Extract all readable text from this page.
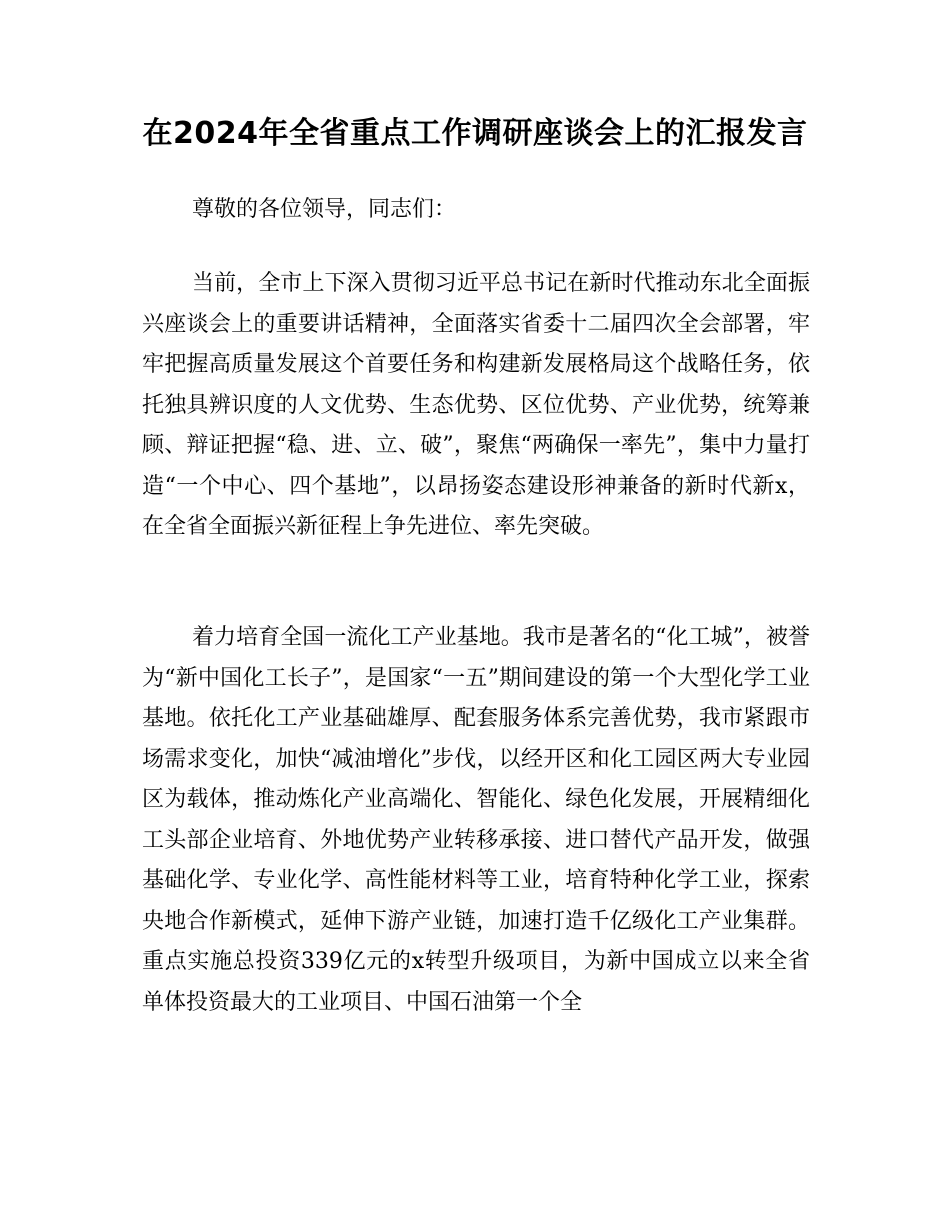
在2024年全省重点工作调研座谈会上的汇报发言
尊敬的各位领导，同志们：
当前，全市上下深入贯彻习近平总书记在新时代推动东北全面振兴座谈会上的重要讲话精神，全面落实省委十二届四次全会部署，牢牢把握高质量发展这个首要任务和构建新发展格局这个战略任务，依托独具辨识度的人文优势、生态优势、区位优势、产业优势，统筹兼顾、辩证把握“稳、进、立、破”，聚焦“两确保一率先”，集中力量打造“一个中心、四个基地”，以昂扬姿态建设形神兼备的新时代新x，在全省全面振兴新征程上争先进位、率先突破。
着力培育全国一流化工产业基地。我市是著名的“化工城”，被誉为“新中国化工长子”，是国家“一五”期间建设的第一个大型化学工业基地。依托化工产业基础雄厚、配套服务体系完善优势，我市紧跟市场需求变化，加快“减油增化”步伐，以经开区和化工园区两大专业园区为载体，推动炼化产业高端化、智能化、绿色化发展，开展精细化工头部企业培育、外地优势产业转移承接、进口替代产品开发，做强基础化学、专业化学、高性能材料等工业，培育特种化学工业，探索央地合作新模式，延伸下游产业链，加速打造千亿级化工产业集群。重点实施总投资339亿元的x转型升级项目，为新中国成立以来全省单体投资最大的工业项目、中国石油第一个全
